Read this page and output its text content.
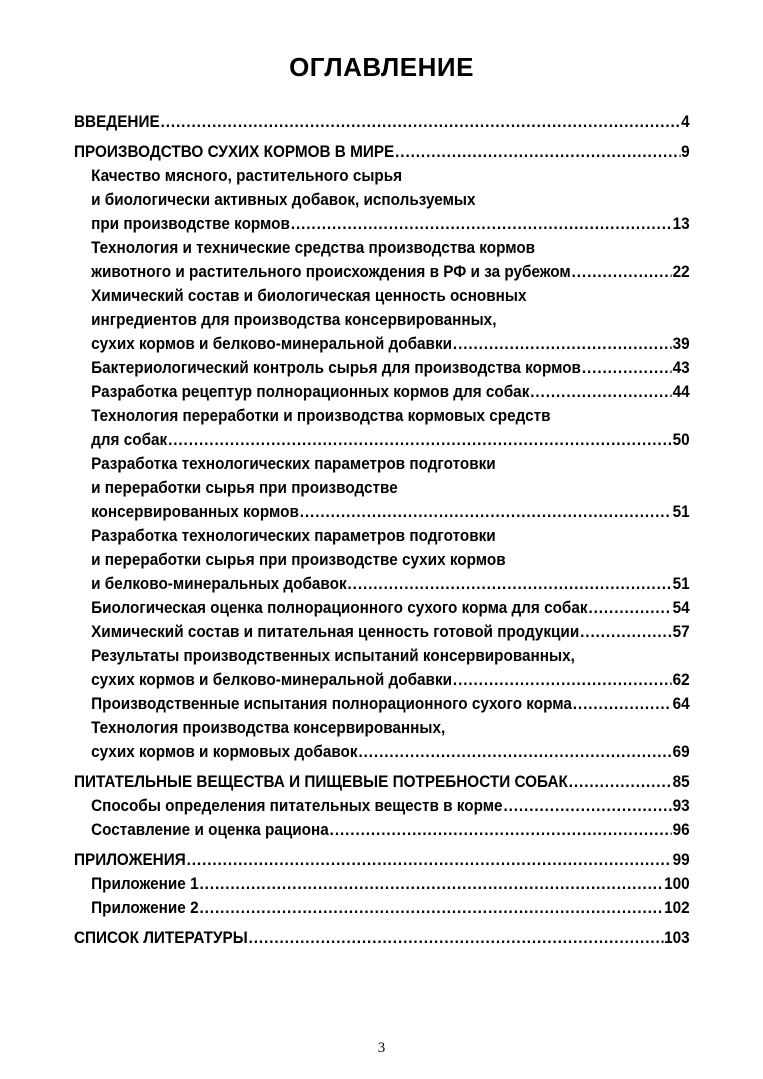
ОГЛАВЛЕНИЕ
ВВЕДЕНИЕ .....	4
ПРОИЗВОДСТВО СУХИХ КОРМОВ В МИРЕ .....	9
Качество мясного, растительного сырья
и биологически активных добавок, используемых
при производстве кормов .....	13
Технология и технические средства производства кормов
животного и растительного происхождения в РФ и за рубежом .....	22
Химический состав и биологическая ценность основных
ингредиентов для производства консервированных,
сухих кормов и белково-минеральной добавки .....	39
Бактериологический контроль сырья для производства кормов .....	43
Разработка рецептур полнорационных кормов для собак .....	44
Технология переработки и производства кормовых средств
для собак .....	50
Разработка технологических параметров подготовки
и переработки сырья при производстве
консервированных кормов .....	51
Разработка технологических параметров подготовки
и переработки сырья при производстве сухих кормов
и белково-минеральных добавок .....	51
Биологическая оценка полнорационного сухого корма для собак .....	54
Химический состав и питательная ценность готовой продукции .....	57
Результаты производственных испытаний консервированных,
сухих кормов и белково-минеральной добавки .....	62
Производственные испытания полнорационного сухого корма .....	64
Технология производства консервированных,
сухих кормов и кормовых добавок .....	69
ПИТАТЕЛЬНЫЕ ВЕЩЕСТВА И ПИЩЕВЫЕ ПОТРЕБНОСТИ СОБАК .....	85
Способы определения питательных веществ в корме .....	93
Составление и оценка рациона .....	96
ПРИЛОЖЕНИЯ .....	99
Приложение 1 .....	100
Приложение 2 .....	102
СПИСОК ЛИТЕРАТУРЫ .....	103
3
